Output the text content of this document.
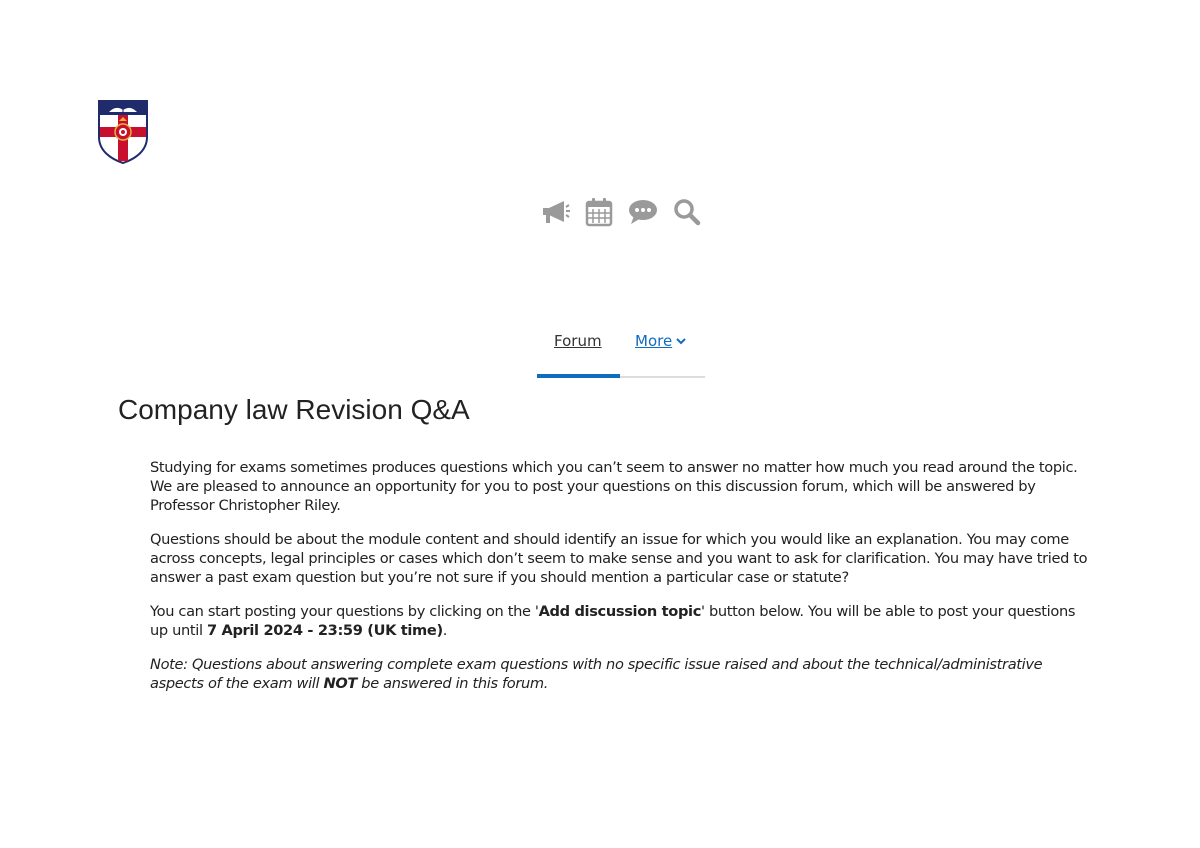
Forum More
Company law Revision Q&A

Studying for exams sometimes produces questions which you can’t seem to answer no matter how much you read around the topic. We are pleased to announce an opportunity for you to post your questions on this discussion forum, which will be answered by Professor Christopher Riley.

Questions should be about the module content and should identify an issue for which you would like an explanation. You may come across concepts, legal principles or cases which don’t seem to make sense and you want to ask for clarification. You may have tried to answer a past exam question but you’re not sure if you should mention a particular case or statute?

You can start posting your questions by clicking on the 'Add discussion topic' button below. You will be able to post your questions up until 7 April 2024 - 23:59 (UK time).

Note: Questions about answering complete exam questions with no specific issue raised and about the technical/administrative aspects of the exam will NOT be answered in this forum.
